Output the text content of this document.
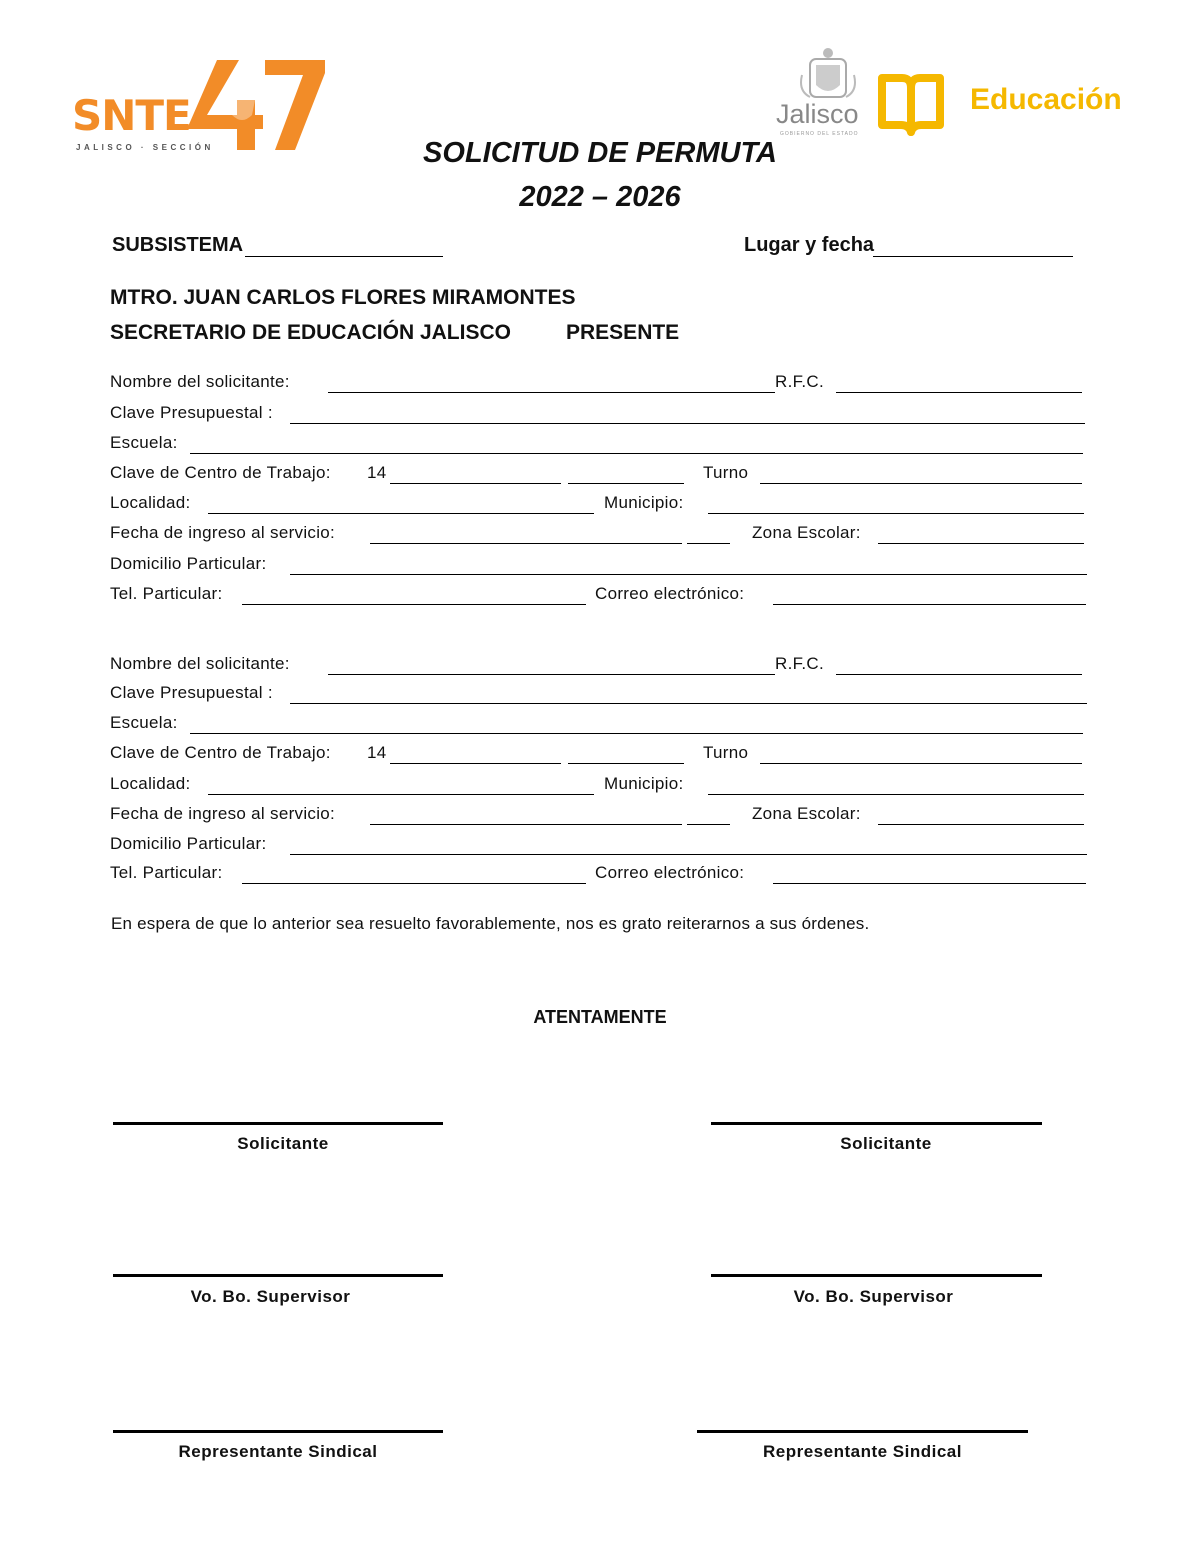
SNTE
JALISCO · SECCIÓN
Jalisco
GOBIERNO DEL ESTADO
Educación
SOLICITUD DE PERMUTA
2022 – 2026
SUBSISTEMA	Lugar y fecha
MTRO. JUAN CARLOS FLORES MIRAMONTES
SECRETARIO DE EDUCACIÓN JALISCO	PRESENTE
Nombre del solicitante:	R.F.C.
Clave Presupuestal :
Escuela:
Clave de Centro de Trabajo: 14	Turno
Localidad:	Municipio:
Fecha de ingreso al servicio:	Zona Escolar:
Domicilio Particular:
Tel. Particular:	Correo electrónico:
Nombre del solicitante:	R.F.C.
Clave Presupuestal :
Escuela:
Clave de Centro de Trabajo: 14	Turno
Localidad:	Municipio:
Fecha de ingreso al servicio:	Zona Escolar:
Domicilio Particular:
Tel. Particular:	Correo electrónico:
En espera de que lo anterior sea resuelto favorablemente, nos es grato reiterarnos a sus órdenes.
ATENTAMENTE
Solicitante	Solicitante
Vo. Bo. Supervisor	Vo. Bo. Supervisor
Representante Sindical	Representante Sindical
